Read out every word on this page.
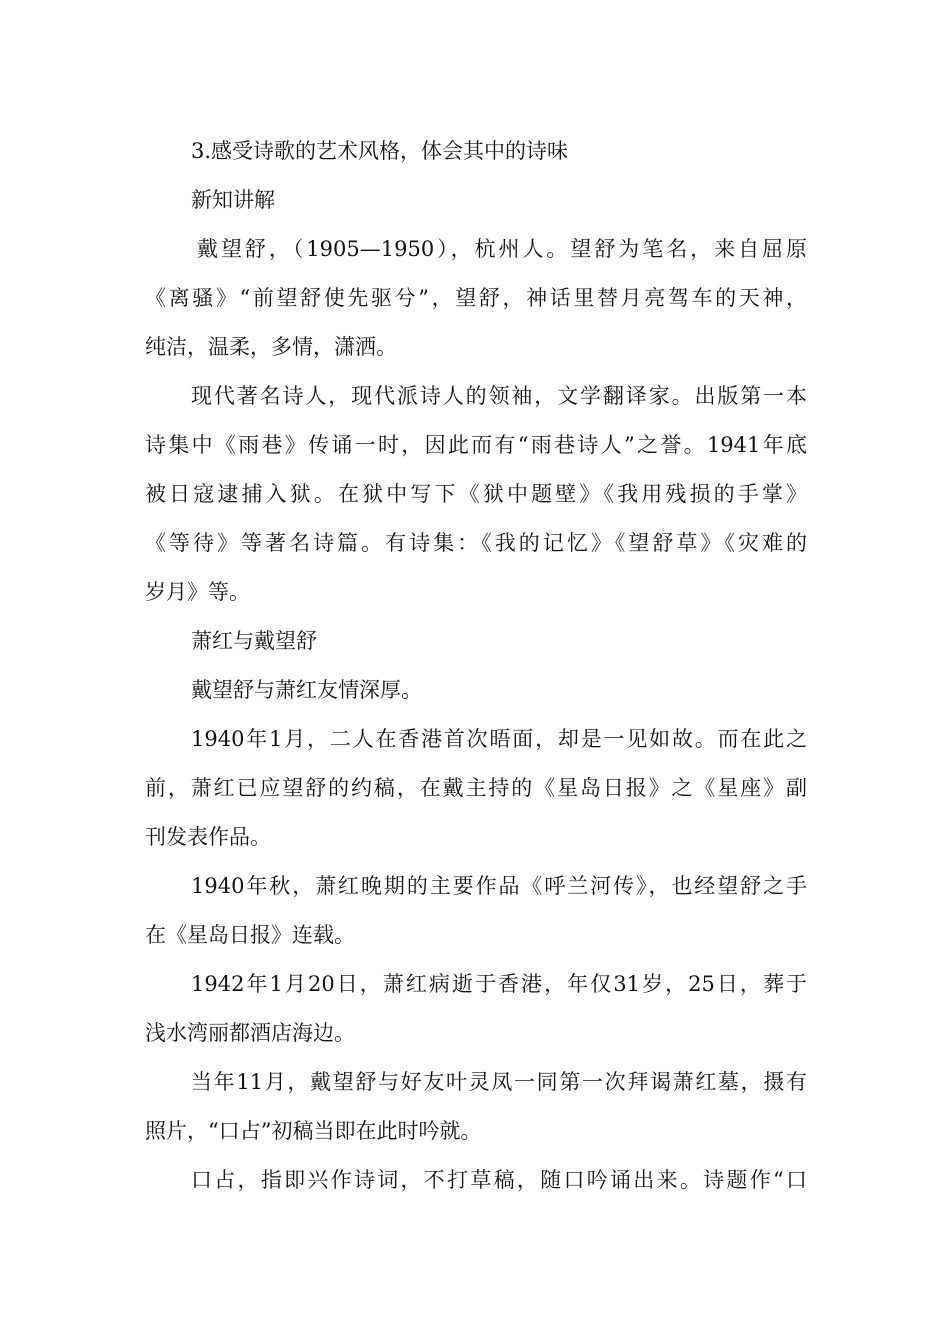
3.感受诗歌的艺术风格，体会其中的诗味
新知讲解
戴望舒，（1905—1950），杭州人。望舒为笔名，来自屈原
《离骚》“前望舒使先驱兮”，望舒，神话里替月亮驾车的天神，
纯洁，温柔，多情，潇洒。
现代著名诗人，现代派诗人的领袖，文学翻译家。出版第一本
诗集中《雨巷》传诵一时，因此而有“雨巷诗人”之誉。1941年底
被日寇逮捕入狱。在狱中写下《狱中题壁》《我用残损的手掌》
《等待》等著名诗篇。有诗集：《我的记忆》《望舒草》《灾难的
岁月》等。
萧红与戴望舒
戴望舒与萧红友情深厚。
1940年1月，二人在香港首次晤面，却是一见如故。而在此之
前，萧红已应望舒的约稿，在戴主持的《星岛日报》之《星座》副
刊发表作品。
1940年秋，萧红晚期的主要作品《呼兰河传》，也经望舒之手
在《星岛日报》连载。
1942年1月20日，萧红病逝于香港，年仅31岁，25日，葬于
浅水湾丽都酒店海边。
当年11月，戴望舒与好友叶灵凤一同第一次拜谒萧红墓，摄有
照片，“口占”初稿当即在此时吟就。
口占，指即兴作诗词，不打草稿，随口吟诵出来。诗题作“口
